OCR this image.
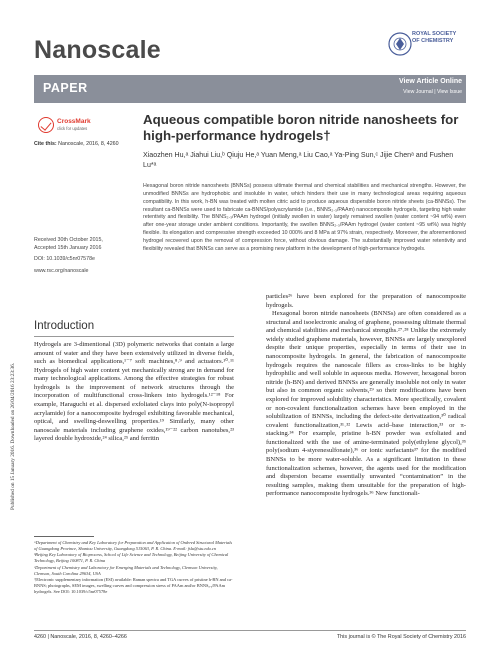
Published on 15 January 2016. Downloaded on 26/04/2016 23:23:36.
Nanoscale
ROYAL SOCIETY
OF CHEMISTRY
PAPER	View Article Online
View Journal | View Issue
CrossMark
click for updates
Cite this: Nanoscale, 2016, 8, 4260
Aqueous compatible boron nitride nanosheets for high-performance hydrogels†
Xiaozhen Hu,ᵃ Jiahui Liu,ᵇ Qiuju He,ᵃ Yuan Meng,ᵃ Liu Cao,ᵃ Ya-Ping Sun,ᶜ Jijie Chenᵃ and Fushen Lu*ᵃ
Hexagonal boron nitride nanosheets (BNNSs) possess ultimate thermal and chemical stabilities and mechanical strengths. However, the unmodified BNNSs are hydrophobic and insoluble in water, which hinders their use in many technological areas requiring aqueous compatibility. In this work, h-BN was treated with molten citric acid to produce aqueous dispersible boron nitride sheets (ca-BNNSs). The resultant ca-BNNSs were used to fabricate ca-BNNS/polyacrylamide (i.e., BNNS₂.₃/PAAm) nanocomposite hydrogels, targeting high water retentivity and flexibility. The BNNS₂.₃/PAAm hydrogel (initially swollen in water) largely remained swollen (water content ~94 wt%) even after one-year storage under ambient conditions. Importantly, the swollen BNNS₂.₃/PAAm hydrogel (water content ~95 wt%) was highly flexible. Its elongation and compressive strength exceeded 10 000% and 8 MPa at 97% strain, respectively. Moreover, the aforementioned hydrogel recovered upon the removal of compression force, without obvious damage. The substantially improved water retentivity and flexibility revealed that BNNSs can serve as a promising new platform in the development of high-performance hydrogels.
Received 30th October 2015,
Accepted 15th January 2016
DOI: 10.1039/c5nr07578e
www.rsc.org/nanoscale
Introduction

Hydrogels are 3-dimentional (3D) polymeric networks that contain a large amount of water and they have been extensively utilized in diverse fields, such as biomedical applications,¹⁻⁷ soft machines,⁸˒⁹ and actuators.¹⁰˒¹¹ Hydrogels of high water content yet mechanically strong are in demand for many technological applications. Among the effective strategies for robust hydrogels is the improvement of network structures through the incorporation of multifunctional cross-linkers into hydrogels.¹²⁻¹⁸ For example, Haraguchi et al. dispersed exfoliated clays into poly(N-isopropyl acrylamide) for a nanocomposite hydrogel exhibiting favorable mechanical, optical, and swelling-deswelling properties.¹⁹ Similarly, many other nanoscale materials including graphene oxides,¹⁹⁻²² carbon nanotubes,²³ layered double hydroxide,²⁴ silica,²⁵ and ferritin

particles²⁶ have been explored for the preparation of nanocomposite hydrogels.

Hexagonal boron nitride nanosheets (BNNSs) are often considered as a structural and isoelectronic analog of graphene, possessing ultimate thermal and chemical stabilities and mechanical strengths.²⁷˒²⁸ Unlike the extremely widely studied graphene materials, however, BNNSs are largely unexplored despite their unique properties, especially in terms of their use in nanocomposite hydrogels. In general, the fabrication of nanocomposite hydrogels requires the nanoscale fillers as cross-links to be highly hydrophilic and well soluble in aqueous media. However, hexagonal boron nitride (h-BN) and derived BNNSs are generally insoluble not only in water but also in common organic solvents,²⁹ so their modifications have been explored for improved solubility characteristics. More specifically, covalent or non-covalent functionalization schemes have been employed in the solubilization of BNNSs, including the defect-site derivatization,³⁰ radical covalent functionalization,³¹˒³² Lewis acid–base interaction,³³ or π-stacking.³⁴ For example, pristine h-BN powder was exfoliated and functionalized with the use of amine-terminated poly(ethylene glycol),³⁵ poly(sodium 4-styrenesulfonate),³⁶ or ionic surfactants³⁷ for the modified BNNSs to be more water-soluble. As a significant limitation in these functionalization schemes, however, the agents used for the modification and dispersion became essentially unwanted “contamination” in the resulting samples, making them unsuitable for the preparation of high-performance nanocomposite hydrogels.³⁶ New functionali-

ᵃDepartment of Chemistry and Key Laboratory for Preparation and Application of Ordered Structural Materials of Guangdong Province, Shantou University, Guangdong 515063, P. R. China. E-mail: fslu@stu.edu.cn

ᵇBeijing Key Laboratory of Bioprocess, School of Life Science and Technology, Beijing University of Chemical Technology, Beijing 100871, P. R. China

ᶜDepartment of Chemistry and Laboratory for Emerging Materials and Technology, Clemson University, Clemson, South Carolina 29634, USA

†Electronic supplementary information (ESI) available: Raman spectra and TGA curves of pristine h-BN and ca-BNNS; photographs, SEM images, swelling curves and compression stress of PAAm and/or BNNSₓ.ᵧ/PAAm hydrogels. See DOI: 10.1039/c5nr07578e

4260 | Nanoscale, 2016, 8, 4260–4266	This journal is © The Royal Society of Chemistry 2016
